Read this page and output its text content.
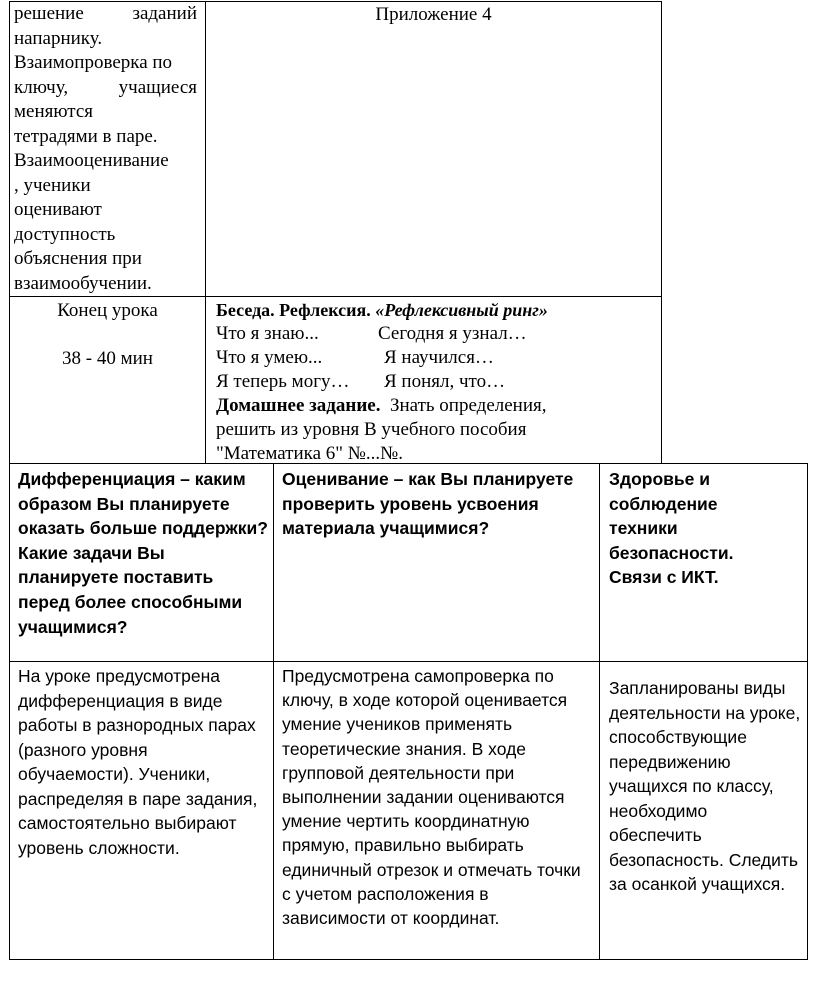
решение заданий
напарнику.
Взаимопроверка по
ключу, учащиеся
меняются
тетрадями в паре.
Взаимооценивание
, ученики
оценивают
доступность
объяснения при
взаимообучении.
Приложение 4
Конец урока
38 - 40 мин
Беседа. Рефлексия. «Рефлексивный ринг»
Что я знаю...	Сегодня я узнал…
Что я умею...	Я научился…
Я теперь могу… Я понял, что…
Домашнее задание. Знать определения,
решить из уровня В учебного пособия
"Математика 6" №...№.
Дифференциация – каким образом Вы планируете оказать больше поддержки? Какие задачи Вы планируете поставить перед более способными учащимися?
Оценивание – как Вы планируете проверить уровень усвоения материала учащимися?
Здоровье и соблюдение техники безопасности. Связи с ИКТ.
На уроке предусмотрена дифференциация в виде работы в разнородных парах (разного уровня обучаемости). Ученики, распределяя в паре задания, самостоятельно выбирают уровень сложности.
Предусмотрена самопроверка по ключу, в ходе которой оценивается умение учеников применять теоретические знания. В ходе групповой деятельности при выполнении задании оцениваются умение чертить координатную прямую, правильно выбирать единичный отрезок и отмечать точки с учетом расположения в зависимости от координат.
Запланированы виды деятельности на уроке, способствующие передвижению учащихся по классу, необходимо обеспечить безопасность. Следить за осанкой учащихся.
